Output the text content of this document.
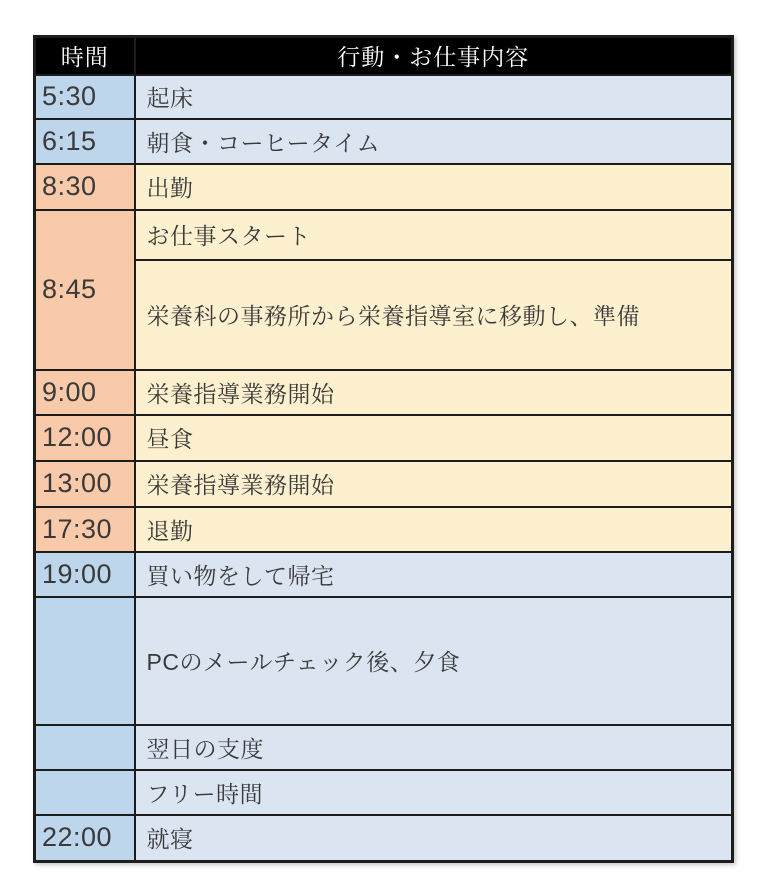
時間	行動・お仕事内容
5:30	起床
6:15	朝食・コーヒータイム
8:30	出勤
8:45	お仕事スタート
	栄養科の事務所から栄養指導室に移動し、準備
9:00	栄養指導業務開始
12:00	昼食
13:00	栄養指導業務開始
17:30	退勤
19:00	買い物をして帰宅
	PCのメールチェック後、夕食
	翌日の支度
	フリー時間
22:00	就寝
